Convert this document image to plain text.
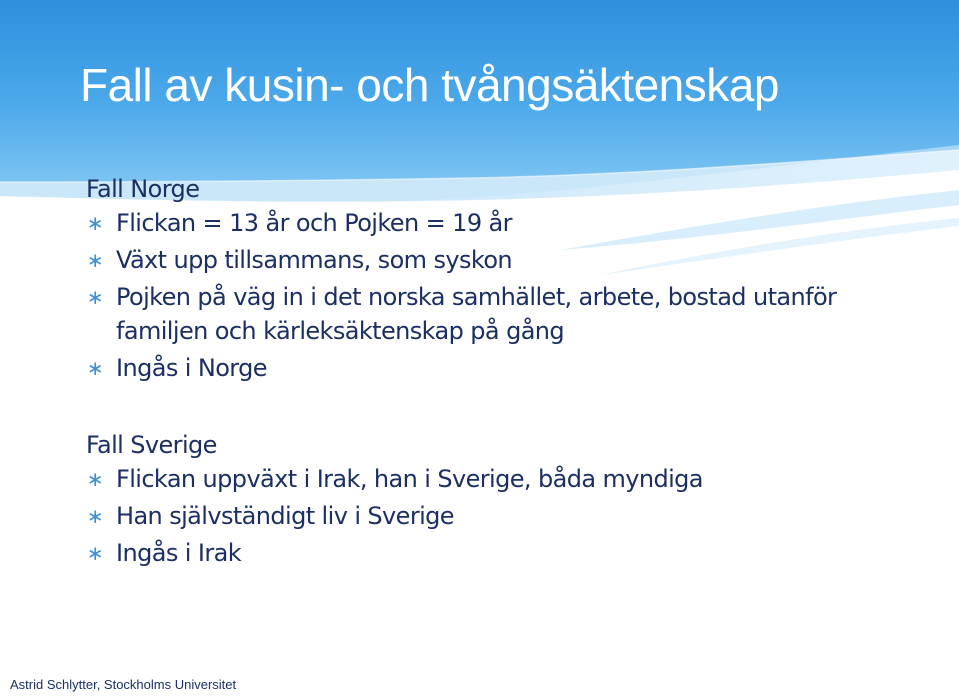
Fall av kusin- och tvångsäktenskap
Fall Norge
∗ Flickan = 13 år och Pojken = 19 år
∗ Växt upp tillsammans, som syskon
∗ Pojken på väg in i det norska samhället, arbete, bostad utanför familjen och kärleksäktenskap på gång
∗ Ingås i Norge
Fall Sverige
∗ Flickan uppväxt i Irak, han i Sverige, båda myndiga
∗ Han självständigt liv i Sverige
∗ Ingås i Irak
Astrid Schlytter, Stockholms Universitet
